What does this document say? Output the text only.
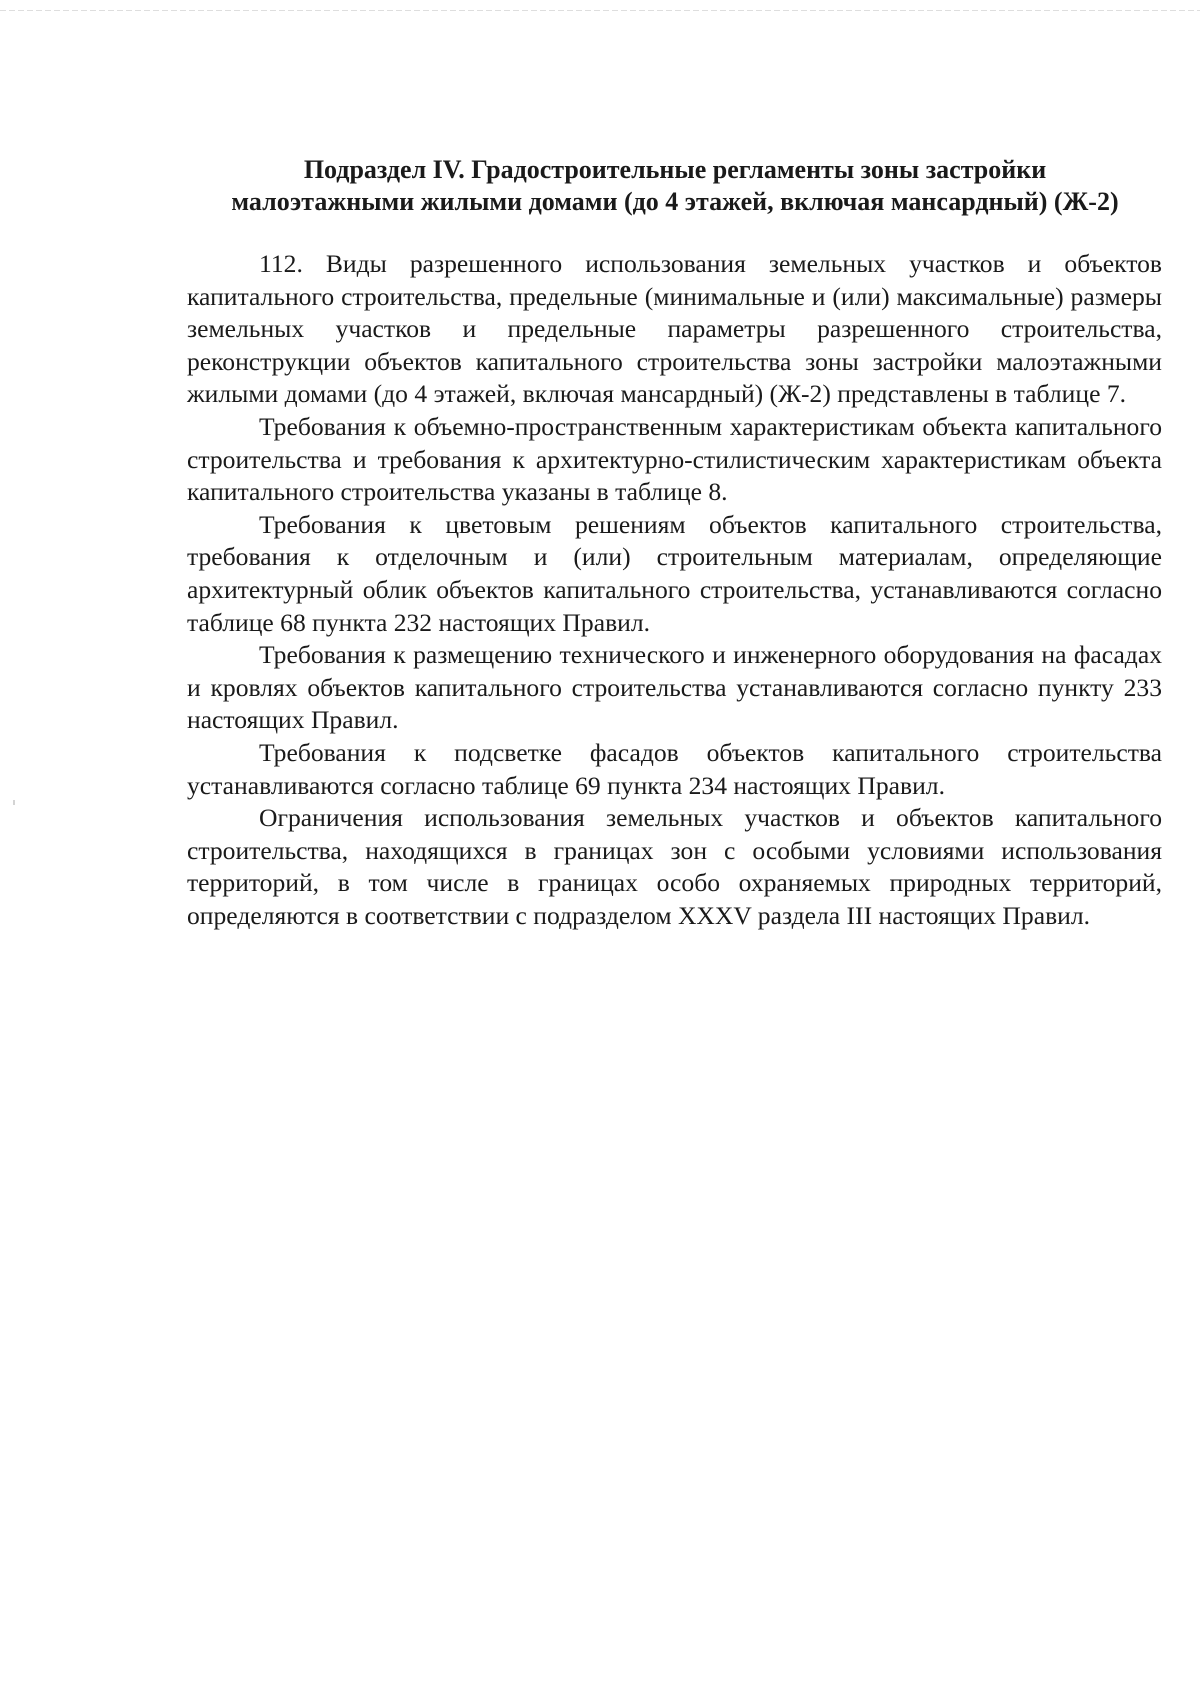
Подраздел IV. Градостроительные регламенты зоны застройки
малоэтажными жилыми домами (до 4 этажей, включая мансардный) (Ж-2)

112. Виды разрешенного использования земельных участков и объектов капитального строительства, предельные (минимальные и (или) максимальные) размеры земельных участков и предельные параметры разрешенного строительства, реконструкции объектов капитального строительства зоны застройки малоэтажными жилыми домами (до 4 этажей, включая мансардный) (Ж-2) представлены в таблице 7.

Требования к объемно-пространственным характеристикам объекта капитального строительства и требования к архитектурно-стилистическим характеристикам объекта капитального строительства указаны в таблице 8.

Требования к цветовым решениям объектов капитального строительства, требования к отделочным и (или) строительным материалам, определяющие архитектурный облик объектов капитального строительства, устанавливаются согласно таблице 68 пункта 232 настоящих Правил.

Требования к размещению технического и инженерного оборудования на фасадах и кровлях объектов капитального строительства устанавливаются согласно пункту 233 настоящих Правил.

Требования к подсветке фасадов объектов капитального строительства устанавливаются согласно таблице 69 пункта 234 настоящих Правил.

Ограничения использования земельных участков и объектов капитального строительства, находящихся в границах зон с особыми условиями использования территорий, в том числе в границах особо охраняемых природных территорий, определяются в соответствии с подразделом XXXV раздела III настоящих Правил.
